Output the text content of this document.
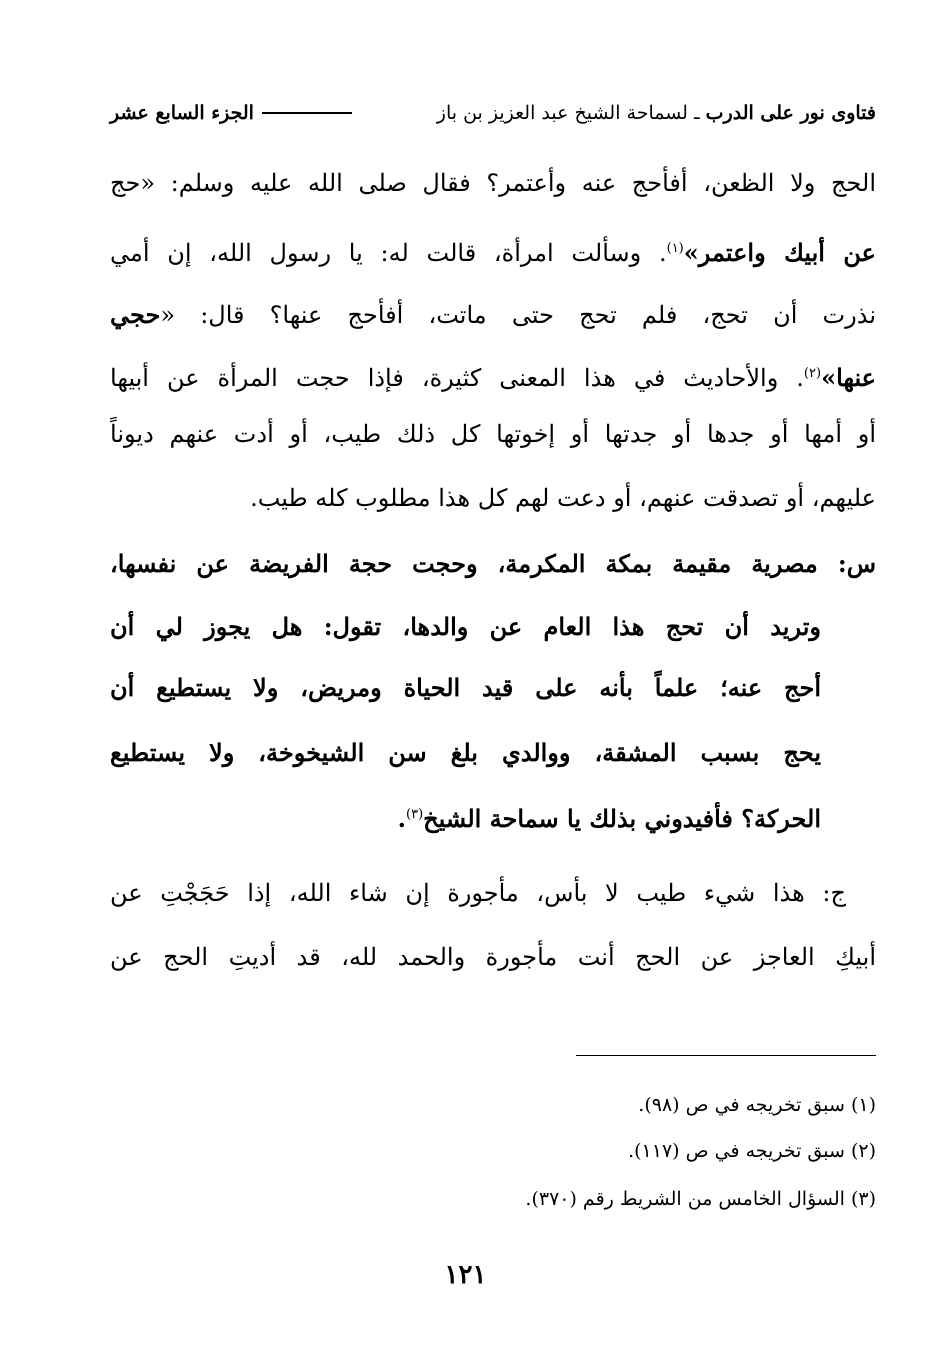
فتاوى نور على الدرب ـ لسماحة الشيخ عبد العزيز بن باز
الجزء السابع عشر
الحج ولا الظعن، أفأحج عنه وأعتمر؟ فقال صلى الله عليه وسلم: «حج
عن أبيك واعتمر»$^{(١)}$. وسألت امرأة، قالت له: يا رسول الله، إن أمي
نذرت أن تحج، فلم تحج حتى ماتت، أفأحج عنها؟ قال: «حجي
عنها»$^{(٢)}$. والأحاديث في هذا المعنى كثيرة، فإذا حجت المرأة عن أبيها
أو أمها أو جدها أو جدتها أو إخوتها كل ذلك طيب، أو أدت عنهم ديوناً
عليهم، أو تصدقت عنهم، أو دعت لهم كل هذا مطلوب كله طيب.
س: مصرية مقيمة بمكة المكرمة، وحجت حجة الفريضة عن نفسها،
وتريد أن تحج هذا العام عن والدها، تقول: هل يجوز لي أن
أحج عنه؛ علماً بأنه على قيد الحياة ومريض، ولا يستطيع أن
يحج بسبب المشقة، ووالدي بلغ سن الشيخوخة، ولا يستطيع
الحركة؟ فأفيدوني بذلك يا سماحة الشيخ$^{(٣)}$.
ج: هذا شيء طيب لا بأس، مأجورة إن شاء الله، إذا حَجَجْتِ عن
أبيكِ العاجز عن الحج أنت مأجورة والحمد لله، قد أديتِ الحج عن
(١) سبق تخريجه في ص (٩٨).
(٢) سبق تخريجه في ص (١١٧).
(٣) السؤال الخامس من الشريط رقم (٣٧٠).
١٢١
